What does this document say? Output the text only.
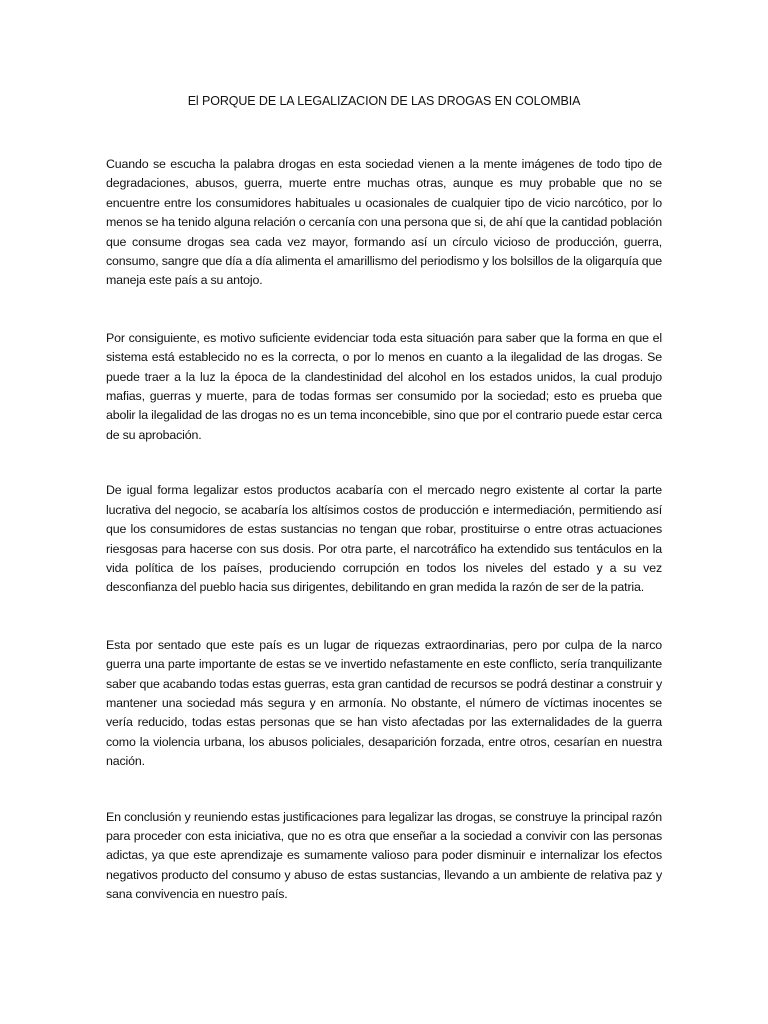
El PORQUE DE LA LEGALIZACION DE LAS DROGAS EN COLOMBIA

Cuando se escucha la palabra drogas en esta sociedad vienen a la mente imágenes de todo tipo de degradaciones, abusos, guerra, muerte entre muchas otras, aunque es muy probable que no se encuentre entre los consumidores habituales u ocasionales de cualquier tipo de vicio narcótico, por lo menos se ha tenido alguna relación o cercanía con una persona que si, de ahí que la cantidad población que consume drogas sea cada vez mayor, formando así un círculo vicioso de producción, guerra, consumo, sangre que día a día alimenta el amarillismo del periodismo y los bolsillos de la oligarquía que maneja este país a su antojo.

Por consiguiente, es motivo suficiente evidenciar toda esta situación para saber que la forma en que el sistema está establecido no es la correcta, o por lo menos en cuanto a la ilegalidad de las drogas. Se puede traer a la luz la época de la clandestinidad del alcohol en los estados unidos, la cual produjo mafias, guerras y muerte, para de todas formas ser consumido por la sociedad; esto es prueba que abolir la ilegalidad de las drogas no es un tema inconcebible, sino que por el contrario puede estar cerca de su aprobación.

De igual forma legalizar estos productos acabaría con el mercado negro existente al cortar la parte lucrativa del negocio, se acabaría los altísimos costos de producción e intermediación, permitiendo así que los consumidores de estas sustancias no tengan que robar, prostituirse o entre otras actuaciones riesgosas para hacerse con sus dosis. Por otra parte, el narcotráfico ha extendido sus tentáculos en la vida política de los países, produciendo corrupción en todos los niveles del estado y a su vez desconfianza del pueblo hacia sus dirigentes, debilitando en gran medida la razón de ser de la patria.

Esta por sentado que este país es un lugar de riquezas extraordinarias, pero por culpa de la narco guerra una parte importante de estas se ve invertido nefastamente en este conflicto, sería tranquilizante saber que acabando todas estas guerras, esta gran cantidad de recursos se podrá destinar a construir y mantener una sociedad más segura y en armonía. No obstante, el número de víctimas inocentes se vería reducido, todas estas personas que se han visto afectadas por las externalidades de la guerra como la violencia urbana, los abusos policiales, desaparición forzada, entre otros, cesarían en nuestra nación.

En conclusión y reuniendo estas justificaciones para legalizar las drogas, se construye la principal razón para proceder con esta iniciativa, que no es otra que enseñar a la sociedad a convivir con las personas adictas, ya que este aprendizaje es sumamente valioso para poder disminuir e internalizar los efectos negativos producto del consumo y abuso de estas sustancias, llevando a un ambiente de relativa paz y sana convivencia en nuestro país.
